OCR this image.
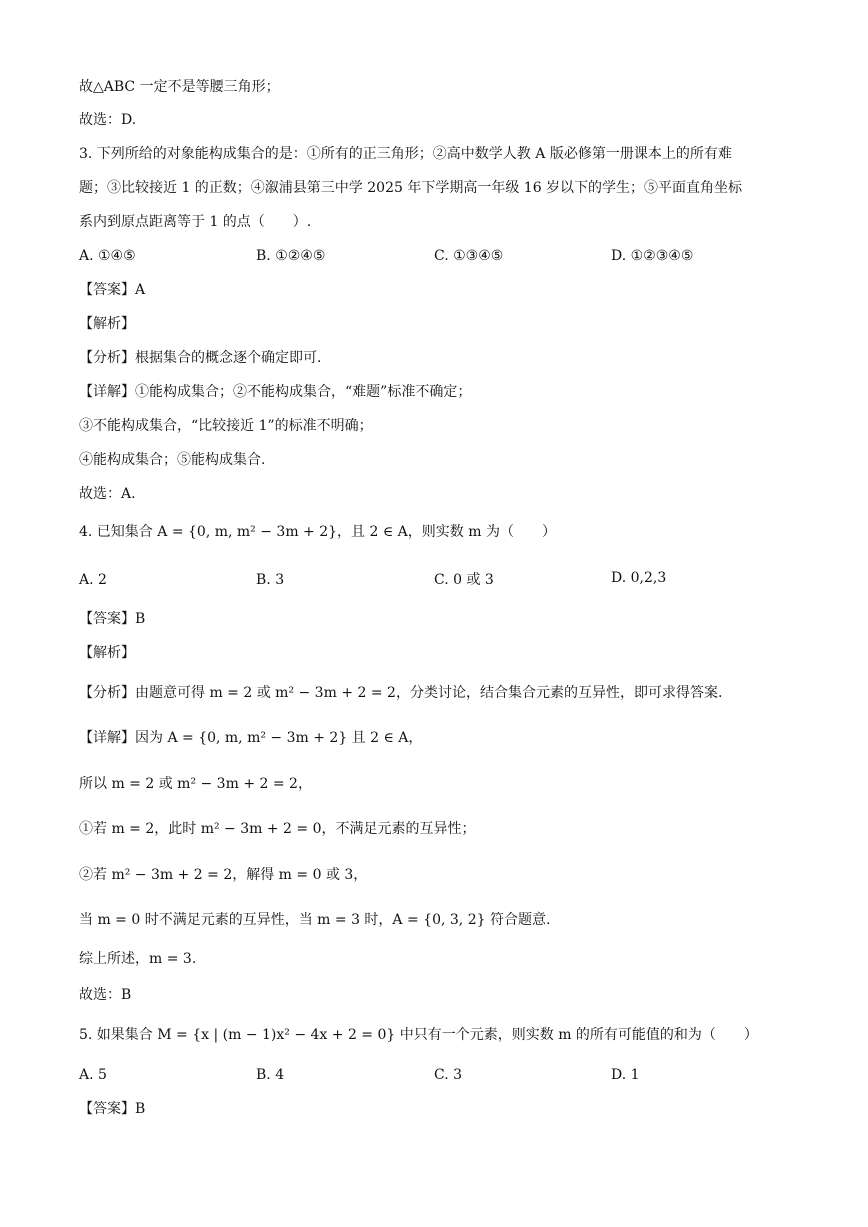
故△ABC 一定不是等腰三角形；
故选：D.
3. 下列所给的对象能构成集合的是：①所有的正三角形；②高中数学人教 A 版必修第一册课本上的所有难
题；③比较接近 1 的正数；④溆浦县第三中学 2025 年下学期高一年级 16 岁以下的学生；⑤平面直角坐标
系内到原点距离等于 1 的点（　　）.
A. ①④⑤	B. ①②④⑤	C. ①③④⑤	D. ①②③④⑤
【答案】A
【解析】
【分析】根据集合的概念逐个确定即可.
【详解】①能构成集合；②不能构成集合，“难题”标准不确定；
③不能构成集合，“比较接近 1”的标准不明确；
④能构成集合；⑤能构成集合.
故选：A.
4. 已知集合 A = {0, m, m² − 3m + 2}，且 2 ∈ A，则实数 m 为（　　）
A. 2	B. 3	C. 0 或 3	D. 0,2,3
【答案】B
【解析】
【分析】由题意可得 m = 2 或 m² − 3m + 2 = 2，分类讨论，结合集合元素的互异性，即可求得答案.
【详解】因为 A = {0, m, m² − 3m + 2} 且 2 ∈ A，
所以 m = 2 或 m² − 3m + 2 = 2，
①若 m = 2，此时 m² − 3m + 2 = 0，不满足元素的互异性；
②若 m² − 3m + 2 = 2，解得 m = 0 或 3，
当 m = 0 时不满足元素的互异性，当 m = 3 时，A = {0, 3, 2} 符合题意.
综上所述，m = 3.
故选：B
5. 如果集合 M = {x | (m − 1)x² − 4x + 2 = 0} 中只有一个元素，则实数 m 的所有可能值的和为（　　）
A. 5	B. 4	C. 3	D. 1
【答案】B
